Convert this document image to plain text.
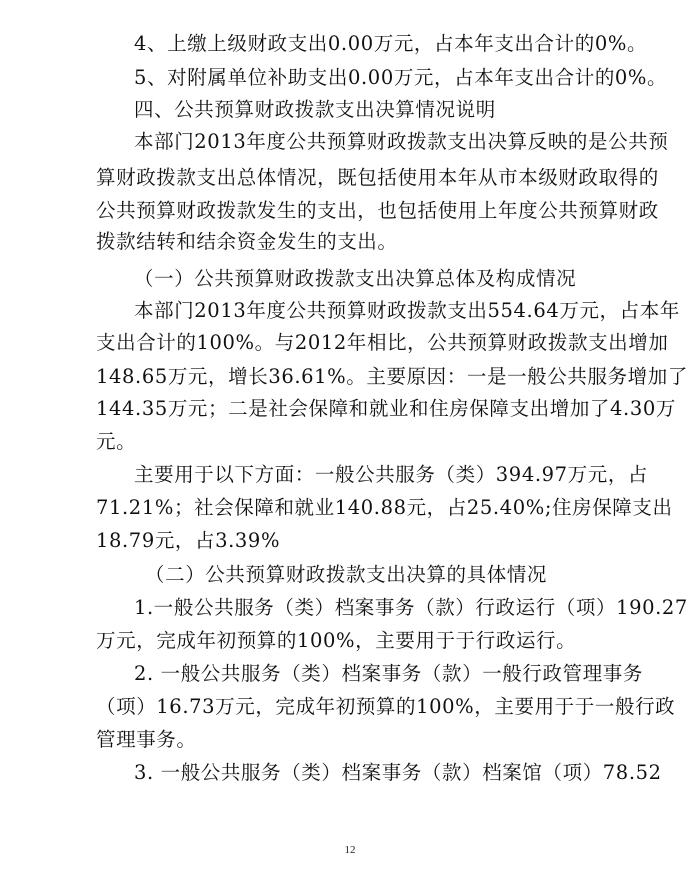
4、上缴上级财政支出0.00万元，占本年支出合计的0%。

5、对附属单位补助支出0.00万元，占本年支出合计的0%。

四、公共预算财政拨款支出决算情况说明

本部门2013年度公共预算财政拨款支出决算反映的是公共预

算财政拨款支出总体情况，既包括使用本年从市本级财政取得的

公共预算财政拨款发生的支出，也包括使用上年度公共预算财政

拨款结转和结余资金发生的支出。

（一）公共预算财政拨款支出决算总体及构成情况

本部门2013年度公共预算财政拨款支出554.64万元，占本年

支出合计的100%。与2012年相比，公共预算财政拨款支出增加

148.65万元，增长36.61%。主要原因：一是一般公共服务增加了

144.35万元；二是社会保障和就业和住房保障支出增加了4.30万

元。

主要用于以下方面：一般公共服务（类）394.97万元，占

71.21%；社会保障和就业140.88元，占25.40%;住房保障支出

18.79元，占3.39%

（二）公共预算财政拨款支出决算的具体情况

1.一般公共服务（类）档案事务（款）行政运行（项）190.27

万元，完成年初预算的100%，主要用于于行政运行。

2. 一般公共服务（类）档案事务（款）一般行政管理事务

（项）16.73万元，完成年初预算的100%，主要用于于一般行政

管理事务。

3. 一般公共服务（类）档案事务（款）档案馆（项）78.52

12
